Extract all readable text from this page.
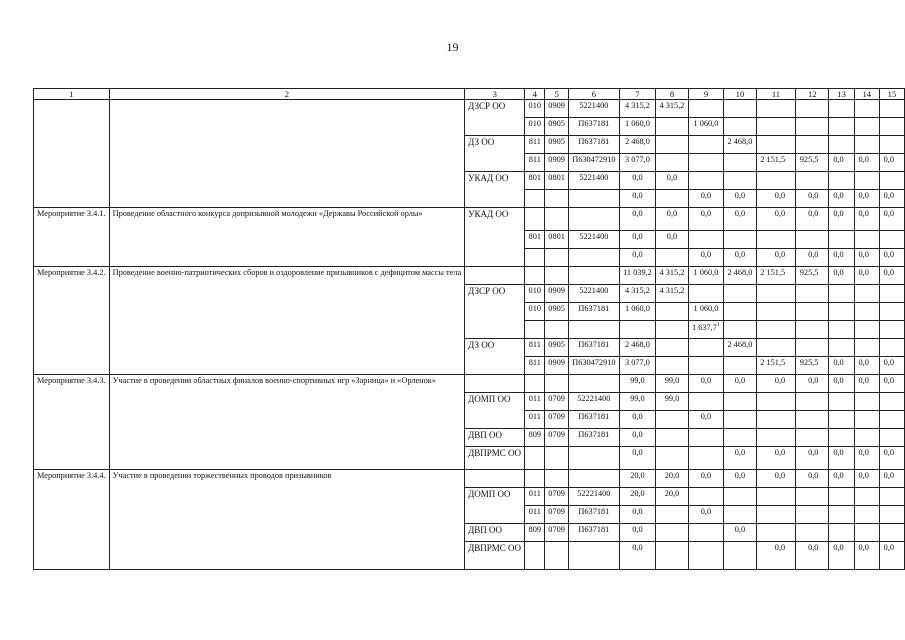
19
1	2	3	4	5	6	7	8	9	10	11	12	13	14	15
		ДЗСР ОО	010	0909	5221400	4 315,2	4 315,2							
			010	0905	П637181	1 060,0		1 060,0						
		ДЗ ОО	811	0905	П637181	2 468,0			2 468,0					
			811	0909	П630472910	3 077,0				2 151,5	925,5	0,0	0,0	0,0
		УКАД ОО	801	0801	5221400	0,0	0,0							
						0,0		0,0	0,0	0,0	0,0	0,0	0,0	0,0
Мероприятие 3.4.1.	Проведение областного конкурса допризывной молодежи «Державы Российской орлы»	УКАД ОО				0,0	0,0	0,0	0,0	0,0	0,0	0,0	0,0	0,0
			801	0801	5221400	0,0	0,0							
						0,0		0,0	0,0	0,0	0,0	0,0	0,0	0,0
Мероприятие 3.4.2.	Проведение военно-патриотических сборов и оздоровление призывников с дефицитом массы тела					11 039,2	4 315,2	1 060,0	2 468,0	2 151,5	925,5	0,0	0,0	0,0
		ДЗСР ОО	010	0909	5221400	4 315,2	4 315,2							
			010	0905	П637181	1 060,0		1 060,0						
								1 637,7$^1$						
		ДЗ ОО	811	0905	П637181	2 468,0			2 468,0					
			811	0909	П630472910	3 077,0				2 151,5	925,5	0,0	0,0	0,0
Мероприятие 3.4.3.	Участие в проведении областных финалов военно-спортивных игр «Зарница» и «Орленок»					99,0	99,0	0,0	0,0	0,0	0,0	0,0	0,0	0,0
		ДОМП ОО	011	0709	52221400	99,0	99,0							
			011	0709	П637181	0,0		0,0						
		ДВП ОО	809	0709	П637181	0,0								
		ДВПРМС ОО				0,0			0,0	0,0	0,0	0,0	0,0	0,0
Мероприятие 3.4.4.	Участие в проведении торжественных проводов призывников					20,0	20,0	0,0	0,0	0,0	0,0	0,0	0,0	0,0
		ДОМП ОО	011	0709	52221400	20,0	20,0							
			011	0709	П637181	0,0		0,0						
		ДВП ОО	809	0709	П637181	0,0			0,0					
		ДВПРМС ОО				0,0				0,0	0,0	0,0	0,0	0,0
